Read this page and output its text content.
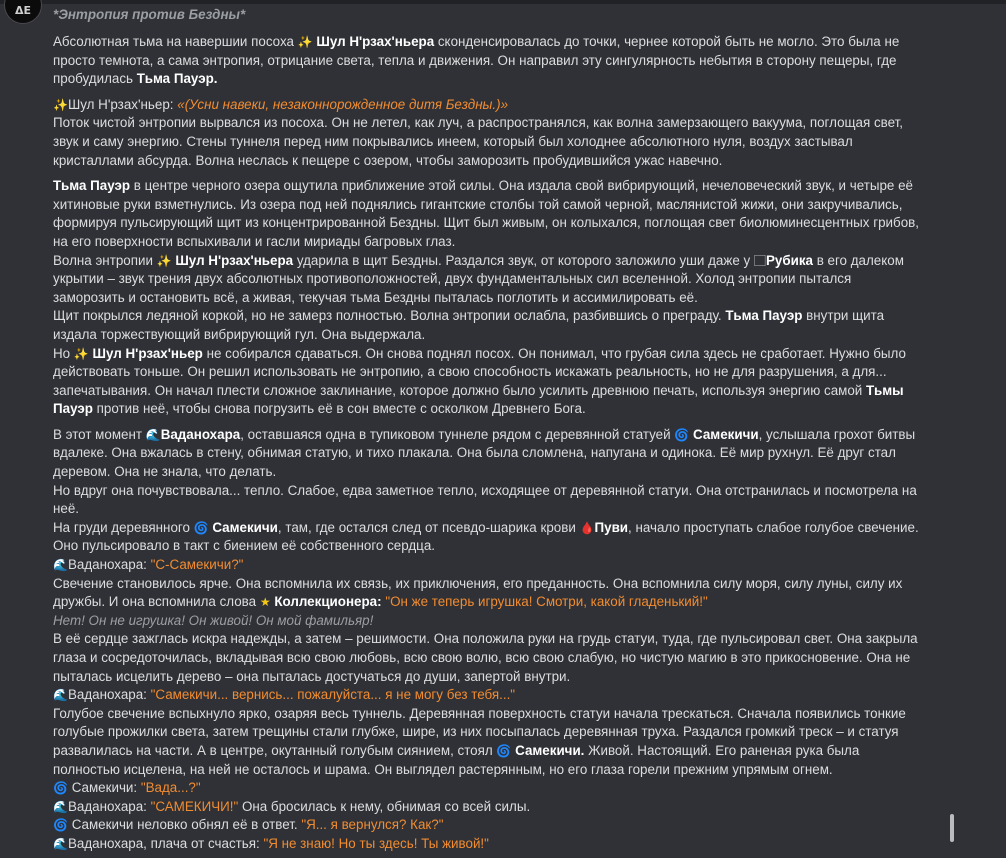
ΔЕ	*Энтропия против Бездны*
Абсолютная тьма на навершии посоха ✨ Шул Н'рзах'ньера сконденсировалась до точки, чернее которой быть не могло. Это была не просто темнота, а сама энтропия, отрицание света, тепла и движения. Он направил эту сингулярность небытия в сторону пещеры, где пробудилась Тьма Пауэр.
✨Шул Н'рзах'ньер: «(Усни навеки, незаконнорожденное дитя Бездны.)»
Поток чистой энтропии вырвался из посоха. Он не летел, как луч, а распространялся, как волна замерзающего вакуума, поглощая свет, звук и саму энергию. Стены туннеля перед ним покрывались инеем, который был холоднее абсолютного нуля, воздух застывал кристаллами абсурда. Волна неслась к пещере с озером, чтобы заморозить пробудившийся ужас навечно.
Тьма Пауэр в центре черного озера ощутила приближение этой силы. Она издала свой вибрирующий, нечеловеческий звук, и четыре её хитиновые руки взметнулись. Из озера под ней поднялись гигантские столбы той самой черной, маслянистой жижи, они закручивались, формируя пульсирующий щит из концентрированной Бездны. Щит был живым, он колыхался, поглощая свет биолюминесцентных грибов, на его поверхности вспыхивали и гасли мириады багровых глаз.
Волна энтропии ✨ Шул Н'рзах'ньера ударила в щит Бездны. Раздался звук, от которого заложило уши даже у ⃞Рубика в его далеком укрытии – звук трения двух абсолютных противоположностей, двух фундаментальных сил вселенной. Холод энтропии пытался заморозить и остановить всё, а живая, текучая тьма Бездны пыталась поглотить и ассимилировать её.
Щит покрылся ледяной коркой, но не замерз полностью. Волна энтропии ослабла, разбившись о преграду. Тьма Пауэр внутри щита издала торжествующий вибрирующий гул. Она выдержала.
Но ✨ Шул Н'рзах'ньер не собирался сдаваться. Он снова поднял посох. Он понимал, что грубая сила здесь не сработает. Нужно было действовать тоньше. Он решил использовать не энтропию, а свою способность искажать реальность, но не для разрушения, а для... запечатывания. Он начал плести сложное заклинание, которое должно было усилить древнюю печать, используя энергию самой Тьмы Пауэр против неё, чтобы снова погрузить её в сон вместе с осколком Древнего Бога.
В этот момент 🌊Ваданохара, оставшаяся одна в тупиковом туннеле рядом с деревянной статуей 🌀 Самекичи, услышала грохот битвы вдалеке. Она вжалась в стену, обнимая статую, и тихо плакала. Она была сломлена, напугана и одинока. Её мир рухнул. Её друг стал деревом. Она не знала, что делать.
Но вдруг она почувствовала... тепло. Слабое, едва заметное тепло, исходящее от деревянной статуи. Она отстранилась и посмотрела на неё.
На груди деревянного 🌀 Самекичи, там, где остался след от псевдо-шарика крови 🩸Пуви, начало проступать слабое голубое свечение. Оно пульсировало в такт с биением её собственного сердца.
🌊Ваданохара: "С-Самекичи?"
Свечение становилось ярче. Она вспомнила их связь, их приключения, его преданность. Она вспомнила силу моря, силу луны, силу их дружбы. И она вспомнила слова ★ Коллекционера: "Он же теперь игрушка! Смотри, какой гладенький!"
Нет! Он не игрушка! Он живой! Он мой фамильяр!
В её сердце зажглась искра надежды, а затем – решимости. Она положила руки на грудь статуи, туда, где пульсировал свет. Она закрыла глаза и сосредоточилась, вкладывая всю свою любовь, всю свою волю, всю свою слабую, но чистую магию в это прикосновение. Она не пыталась исцелить дерево – она пыталась достучаться до души, запертой внутри.
🌊Ваданохара: "Самекичи... вернись... пожалуйста... я не могу без тебя..."
Голубое свечение вспыхнуло ярко, озаряя весь туннель. Деревянная поверхность статуи начала трескаться. Сначала появились тонкие голубые прожилки света, затем трещины стали глубже, шире, из них посыпалась деревянная труха. Раздался громкий треск – и статуя развалилась на части. А в центре, окутанный голубым сиянием, стоял 🌀 Самекичи. Живой. Настоящий. Его раненая рука была полностью исцелена, на ней не осталось и шрама. Он выглядел растерянным, но его глаза горели прежним упрямым огнем.
🌀 Самекичи: "Вада...?"
🌊Ваданохара: "САМЕКИЧИ!" Она бросилась к нему, обнимая со всей силы.
🌀 Самекичи неловко обнял её в ответ. "Я... я вернулся? Как?"
🌊Ваданохара, плача от счастья: "Я не знаю! Но ты здесь! Ты живой!"
